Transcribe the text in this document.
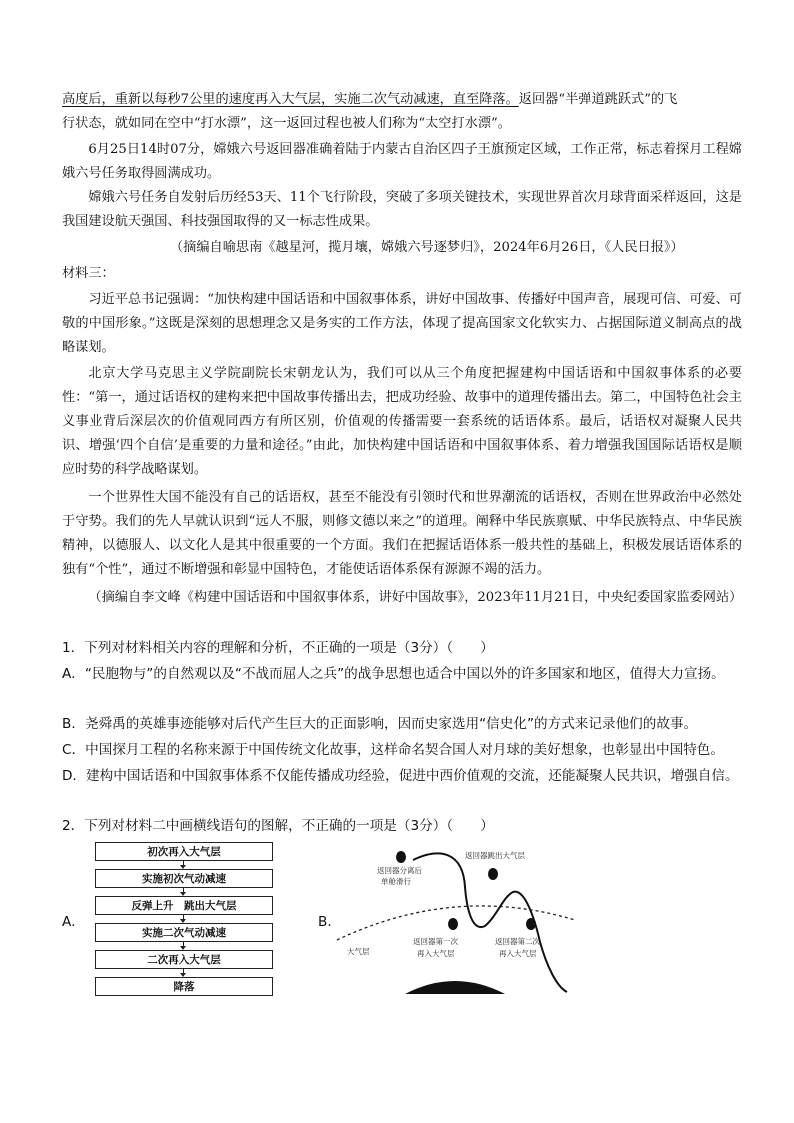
高度后，重新以每秒7公里的速度再入大气层，实施二次气动减速，直至降落。返回器“半弹道跳跃式”的飞

行状态，就如同在空中“打水漂”，这一返回过程也被人们称为“太空打水漂”。

6月25日14时07分，嫦娥六号返回器准确着陆于内蒙古自治区四子王旗预定区域，工作正常，标志着探月工程嫦娥六号任务取得圆满成功。

嫦娥六号任务自发射后历经53天、11个飞行阶段，突破了多项关键技术，实现世界首次月球背面采样返回，这是我国建设航天强国、科技强国取得的又一标志性成果。

（摘编自喻思南《越星河，揽月壤，嫦娥六号逐梦归》，2024年6月26日，《人民日报》）

材料三：

习近平总书记强调：“加快构建中国话语和中国叙事体系，讲好中国故事、传播好中国声音，展现可信、可爱、可敬的中国形象。”这既是深刻的思想理念又是务实的工作方法，体现了提高国家文化软实力、占据国际道义制高点的战略谋划。

北京大学马克思主义学院副院长宋朝龙认为，我们可以从三个角度把握建构中国话语和中国叙事体系的必要性：“第一，通过话语权的建构来把中国故事传播出去，把成功经验、故事中的道理传播出去。第二，中国特色社会主义事业背后深层次的价值观同西方有所区别，价值观的传播需要一套系统的话语体系。最后，话语权对凝聚人民共识、增强‘四个自信’是重要的力量和途径。”由此，加快构建中国话语和中国叙事体系、着力增强我国国际话语权是顺应时势的科学战略谋划。

一个世界性大国不能没有自己的话语权，甚至不能没有引领时代和世界潮流的话语权，否则在世界政治中必然处于守势。我们的先人早就认识到“远人不服，则修文德以来之”的道理。阐释中华民族禀赋、中华民族特点、中华民族精神，以德服人、以文化人是其中很重要的一个方面。我们在把握话语体系一般共性的基础上，积极发展话语体系的独有“个性”，通过不断增强和彰显中国特色，才能使话语体系保有源源不竭的活力。

（摘编自李文峰《构建中国话语和中国叙事体系，讲好中国故事》，2023年11月21日，中央纪委国家监委网站）

1．下列对材料相关内容的理解和分析，不正确的一项是（3分）（　　）

A．“民胞物与”的自然观以及“不战而屈人之兵”的战争思想也适合中国以外的许多国家和地区，值得大力宣扬。

B．尧舜禹的英雄事迹能够对后代产生巨大的正面影响，因而史家选用“信史化”的方式来记录他们的故事。

C．中国探月工程的名称来源于中国传统文化故事，这样命名契合国人对月球的美好想象，也彰显出中国特色。

D．建构中国话语和中国叙事体系不仅能传播成功经验，促进中西价值观的交流，还能凝聚人民共识，增强自信。

2．下列对材料二中画横线语句的图解，不正确的一项是（3分）（　　）

A．
初次再入大气层
实施初次气动减速
反弹上升　跳出大气层
实施二次气动减速
二次再入大气层
降落
B．
返回器跳出大气层
返回器分离后
单舱滑行
返回器第一次
再入大气层
返回器第二次
再入大气层
大气层
